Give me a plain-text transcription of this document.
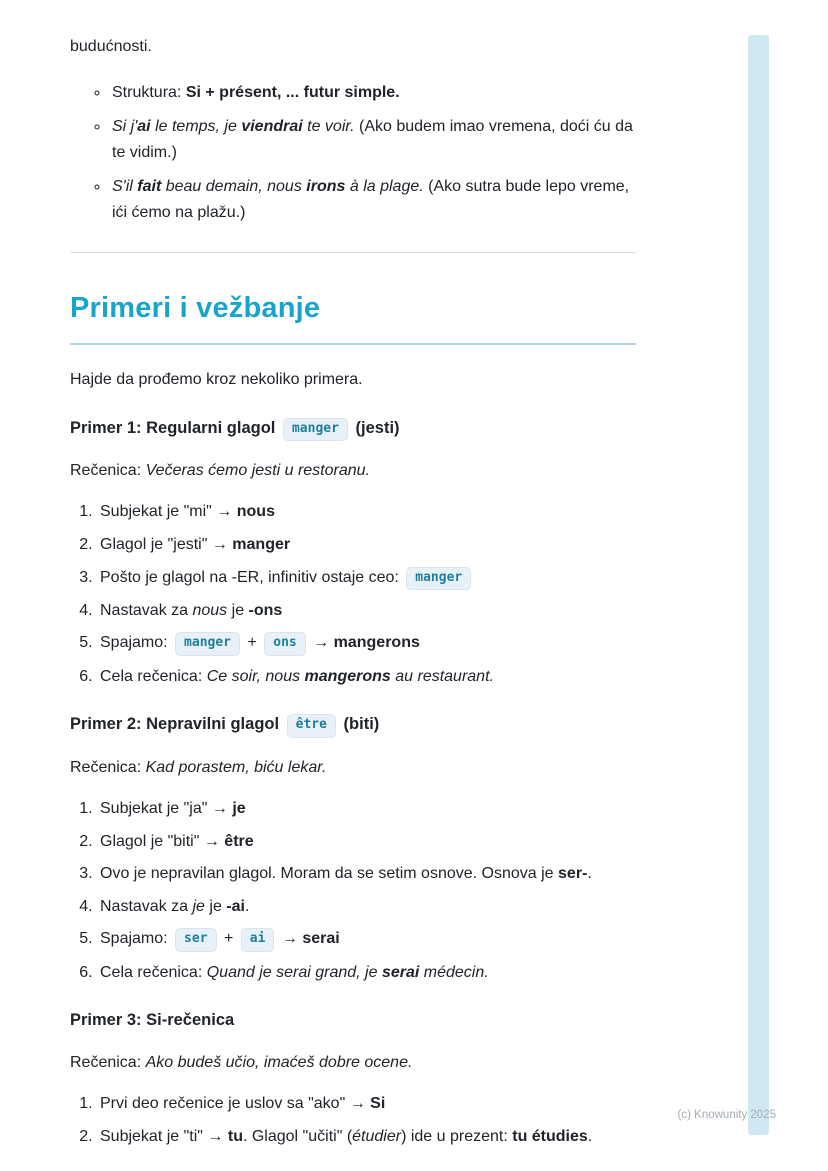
budućnosti.

◦ Struktura: Si + présent, ... futur simple.
◦ Si j'ai le temps, je viendrai te voir. (Ako budem imao vremena, doći ću da te vidim.)
◦ S'il fait beau demain, nous irons à la plage. (Ako sutra bude lepo vreme, ići ćemo na plažu.)
Primeri i vežbanje

Hajde da prođemo kroz nekoliko primera.

Primer 1: Regularni glagol manger (jesti)

Rečenica: Večeras ćemo jesti u restoranu.

1. Subjekat je "mi" → nous
2. Glagol je "jesti" → manger
3. Pošto je glagol na -ER, infinitiv ostaje ceo: manger
4. Nastavak za nous je -ons
5. Spajamo: manger + ons → mangerons
6. Cela rečenica: Ce soir, nous mangerons au restaurant.
Primer 2: Nepravilni glagol être (biti)

Rečenica: Kad porastem, biću lekar.

1. Subjekat je "ja" → je
2. Glagol je "biti" → être
3. Ovo je nepravilan glagol. Moram da se setim osnove. Osnova je ser-.
4. Nastavak za je je -ai.
5. Spajamo: ser + ai → serai
6. Cela rečenica: Quand je serai grand, je serai médecin.
Primer 3: Si-rečenica

Rečenica: Ako budeš učio, imaćeš dobre ocene.

1. Prvi deo rečenice je uslov sa "ako" → Si
2. Subjekat je "ti" → tu. Glagol "učiti" (étudier) ide u prezent: tu étudies.
(c) Knowunity 2025
